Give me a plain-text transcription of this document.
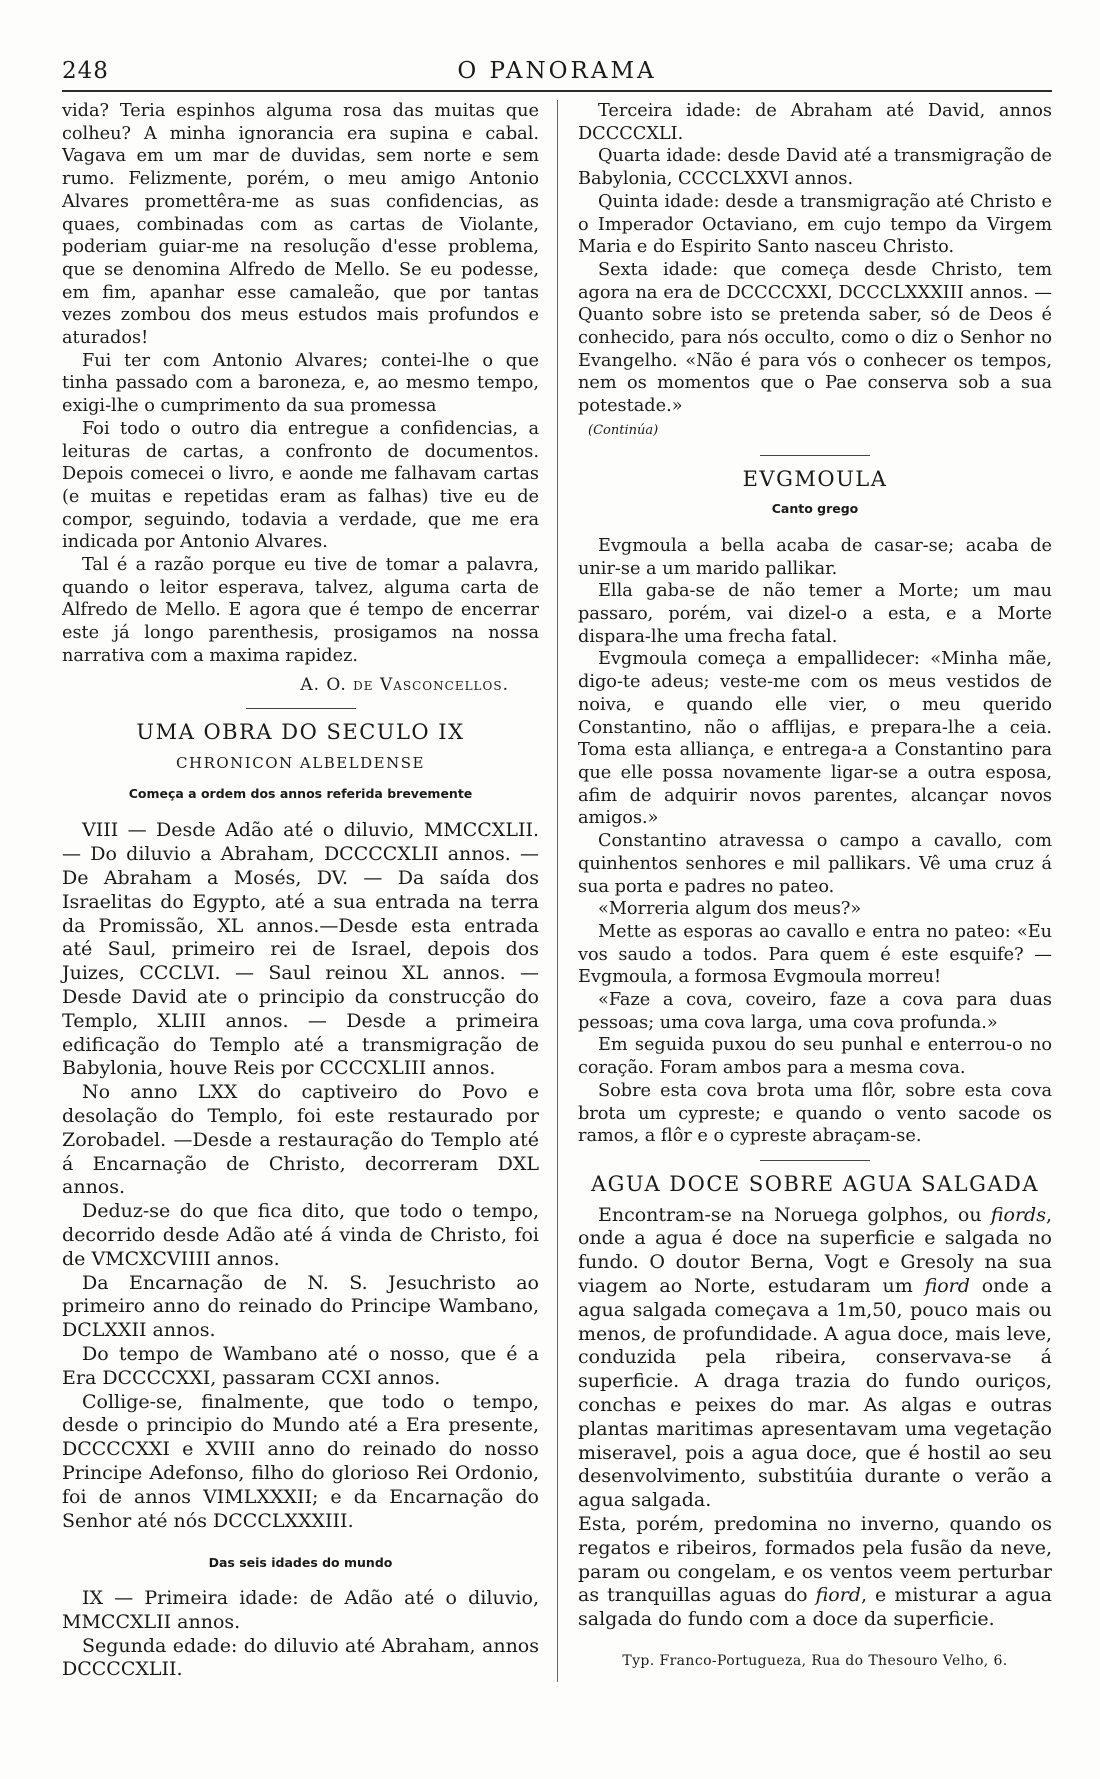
248	O PANORAMA

vida? Teria espinhos alguma rosa das muitas que colheu? A minha ignorancia era supina e cabal. Vagava em um mar de duvidas, sem norte e sem rumo. Felizmente, porém, o meu amigo Antonio Alvares promettêra-me as suas confidencias, as quaes, combinadas com as cartas de Violante, poderiam guiar-me na resolução d'esse problema, que se denomina Alfredo de Mello. Se eu podesse, em fim, apanhar esse camaleão, que por tantas vezes zombou dos meus estudos mais profundos e aturados!

Fui ter com Antonio Alvares; contei-lhe o que tinha passado com a baroneza, e, ao mesmo tempo, exigi-lhe o cumprimento da sua promessa

Foi todo o outro dia entregue a confidencias, a leituras de cartas, a confronto de documentos. Depois comecei o livro, e aonde me falhavam cartas (e muitas e repetidas eram as falhas) tive eu de compor, seguindo, todavia a verdade, que me era indicada por Antonio Alvares.

Tal é a razão porque eu tive de tomar a palavra, quando o leitor esperava, talvez, alguma carta de Alfredo de Mello. E agora que é tempo de encerrar este já longo parenthesis, prosigamos na nossa narrativa com a maxima rapidez.

A. O. de Vasconcellos.
UMA OBRA DO SECULO IX
CHRONICON ALBELDENSE
Começa a ordem dos annos referida brevemente

VIII — Desde Adão até o diluvio, MMCCXLII. — Do diluvio a Abraham, DCCCCXLII annos. — De Abraham a Mosés, DV. — Da saída dos Israelitas do Egypto, até a sua entrada na terra da Promissão, XL annos.—Desde esta entrada até Saul, primeiro rei de Israel, depois dos Juizes, CCCLVI. — Saul reinou XL annos. — Desde David ate o principio da construcção do Templo, XLIII annos. — Desde a primeira edificação do Templo até a transmigração de Babylonia, houve Reis por CCCCXLIII annos.

No anno LXX do captiveiro do Povo e desolação do Templo, foi este restaurado por Zorobadel. —Desde a restauração do Templo até á Encarnação de Christo, decorreram DXL annos.

Deduz-se do que fica dito, que todo o tempo, decorrido desde Adão até á vinda de Christo, foi de VMCXCVIIII annos.

Da Encarnação de N. S. Jesuchristo ao primeiro anno do reinado do Principe Wambano, DCLXXII annos.

Do tempo de Wambano até o nosso, que é a Era DCCCCXXI, passaram CCXI annos.

Collige-se, finalmente, que todo o tempo, desde o principio do Mundo até a Era presente, DCCCCXXI e XVIII anno do reinado do nosso Principe Adefonso, filho do glorioso Rei Ordonio, foi de annos VIMLXXXII; e da Encarnação do Senhor até nós DCCCLXXXIII.

Das seis idades do mundo

IX — Primeira idade: de Adão até o diluvio, MMCCXLII annos.

Segunda edade: do diluvio até Abraham, annos DCCCCXLII.

Terceira idade: de Abraham até David, annos DCCCCXLI.

Quarta idade: desde David até a transmigração de Babylonia, CCCCLXXVI annos.

Quinta idade: desde a transmigração até Christo e o Imperador Octaviano, em cujo tempo da Virgem Maria e do Espirito Santo nasceu Christo.

Sexta idade: que começa desde Christo, tem agora na era de DCCCCXXI, DCCCLXXXIII annos. — Quanto sobre isto se pretenda saber, só de Deos é conhecido, para nós occulto, como o diz o Senhor no Evangelho. «Não é para vós o conhecer os tempos, nem os momentos que o Pae conserva sob a sua potestade.»

(Continúa)

EVGMOULA
Canto grego

Evgmoula a bella acaba de casar-se; acaba de unir-se a um marido pallikar.

Ella gaba-se de não temer a Morte; um mau passaro, porém, vai dizel-o a esta, e a Morte dispara-lhe uma frecha fatal.

Evgmoula começa a empallidecer: «Minha mãe, digo-te adeus; veste-me com os meus vestidos de noiva, e quando elle vier, o meu querido Constantino, não o afflijas, e prepara-lhe a ceia. Toma esta alliança, e entrega-a a Constantino para que elle possa novamente ligar-se a outra esposa, afim de adquirir novos parentes, alcançar novos amigos.»

Constantino atravessa o campo a cavallo, com quinhentos senhores e mil pallikars. Vê uma cruz á sua porta e padres no pateo.

«Morreria algum dos meus?»

Mette as esporas ao cavallo e entra no pateo: «Eu vos saudo a todos. Para quem é este esquife? — Evgmoula, a formosa Evgmoula morreu!

«Faze a cova, coveiro, faze a cova para duas pessoas; uma cova larga, uma cova profunda.»

Em seguida puxou do seu punhal e enterrou-o no coração. Foram ambos para a mesma cova.

Sobre esta cova brota uma flôr, sobre esta cova brota um cypreste; e quando o vento sacode os ramos, a flôr e o cypreste abraçam-se.

AGUA DOCE SOBRE AGUA SALGADA

Encontram-se na Noruega golphos, ou fiords, onde a agua é doce na superficie e salgada no fundo. O doutor Berna, Vogt e Gresoly na sua viagem ao Norte, estudaram um fiord onde a agua salgada começava a 1m,50, pouco mais ou menos, de profundidade. A agua doce, mais leve, conduzida pela ribeira, conservava-se á superficie. A draga trazia do fundo ouriços, conchas e peixes do mar. As algas e outras plantas maritimas apresentavam uma vegetação miseravel, pois a agua doce, que é hostil ao seu desenvolvimento, substitúia durante o verão a agua salgada.

Esta, porém, predomina no inverno, quando os regatos e ribeiros, formados pela fusão da neve, param ou congelam, e os ventos veem perturbar as tranquillas aguas do fiord, e misturar a agua salgada do fundo com a doce da superficie.

Typ. Franco-Portugueza, Rua do Thesouro Velho, 6.
